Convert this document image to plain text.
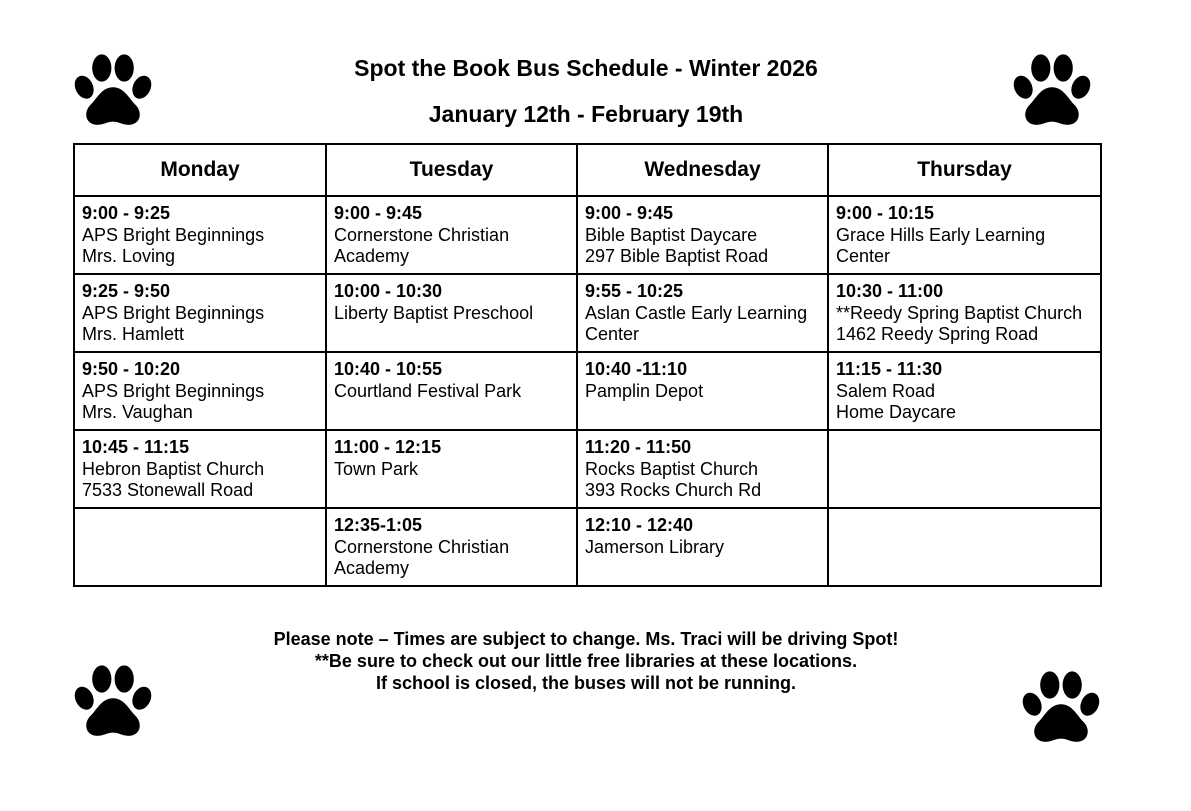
Spot the Book Bus Schedule - Winter 2026
January 12th - February 19th
Monday	Tuesday	Wednesday	Thursday

9:00 - 9:25
APS Bright Beginnings
Mrs. Loving	9:00 - 9:45
Cornerstone Christian
Academy	9:00 - 9:45
Bible Baptist Daycare
297 Bible Baptist Road	9:00 - 10:15
Grace Hills Early Learning
Center

9:25 - 9:50
APS Bright Beginnings
Mrs. Hamlett	10:00 - 10:30
Liberty Baptist Preschool	9:55 - 10:25
Aslan Castle Early Learning
Center	10:30 - 11:00
**Reedy Spring Baptist Church
1462 Reedy Spring Road

9:50 - 10:20
APS Bright Beginnings
Mrs. Vaughan	10:40 - 10:55
Courtland Festival Park	10:40 -11:10
Pamplin Depot	11:15 - 11:30
Salem Road
Home Daycare

10:45 - 11:15
Hebron Baptist Church
7533 Stonewall Road	11:00 - 12:15
Town Park	11:20 - 11:50
Rocks Baptist Church
393 Rocks Church Rd	

	12:35-1:05
Cornerstone Christian
Academy	12:10 - 12:40
Jamerson Library	

Please note – Times are subject to change. Ms. Traci will be driving Spot!
**Be sure to check out our little free libraries at these locations.
If school is closed, the buses will not be running.
